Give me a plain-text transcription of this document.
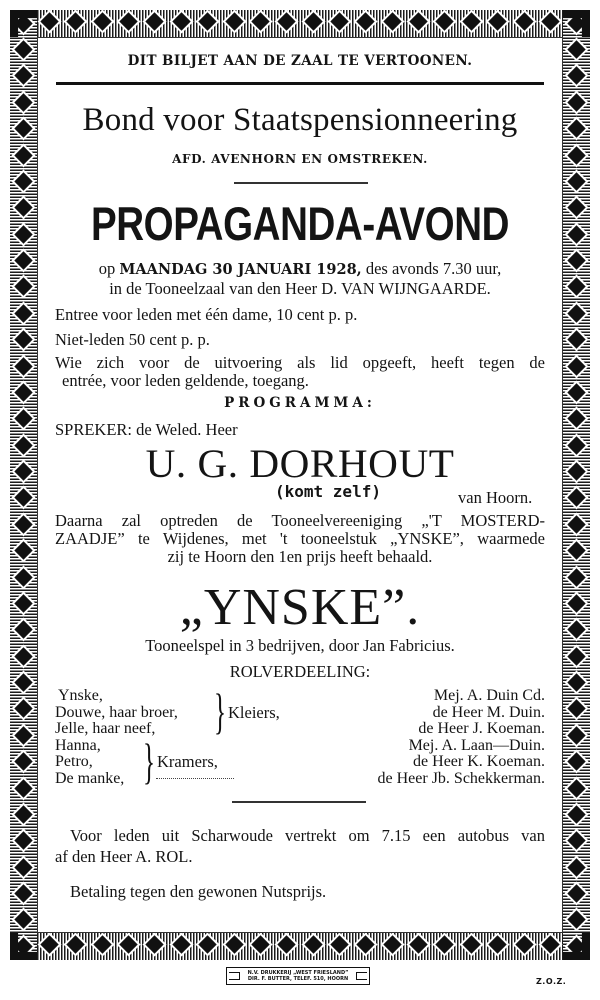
DIT BILJET AAN DE ZAAL TE VERTOONEN.
Bond voor Staatspensionneering
AFD. AVENHORN EN OMSTREKEN.
PROPAGANDA-AVOND
op MAANDAG 30 JANUARI 1928, des avonds 7.30 uur,
in de Tooneelzaal van den Heer D. VAN WIJNGAARDE.
Entree voor leden met één dame, 10 cent p. p.
Niet-leden 50 cent p. p.
Wie zich voor de uitvoering als lid opgeeft, heeft tegen de
entrée, voor leden geldende, toegang.
PROGRAMMA:
SPREKER: de Weled. Heer
U. G. DORHOUT
(komt zelf)	van Hoorn.
Daarna zal optreden de Tooneelvereeniging „'T MOSTERD-
ZAADJE” te Wijdenes, met 't tooneelstuk „YNSKE”, waarmede
zij te Hoorn den 1en prijs heeft behaald.
„YNSKE”.
Tooneelspel in 3 bedrijven, door Jan Fabricius.
ROLVERDEELING:
Ynske,
Douwe, haar broer,
Jelle, haar neef,
Hanna,
Petro,
De manke,
} Kleiers,
} Kramers,
Mej. A. Duin Cd.
de Heer M. Duin.
de Heer J. Koeman.
Mej. A. Laan—Duin.
de Heer K. Koeman.
de Heer Jb. Schekkerman.
Voor leden uit Scharwoude vertrekt om 7.15 een autobus van
af den Heer A. ROL.
Betaling tegen den gewonen Nutsprijs.
N.V. DRUKKERIJ „WEST FRIESLAND”
DIR. F. BUTTER, TELEF. 510, HOORN	Z.O.Z.
